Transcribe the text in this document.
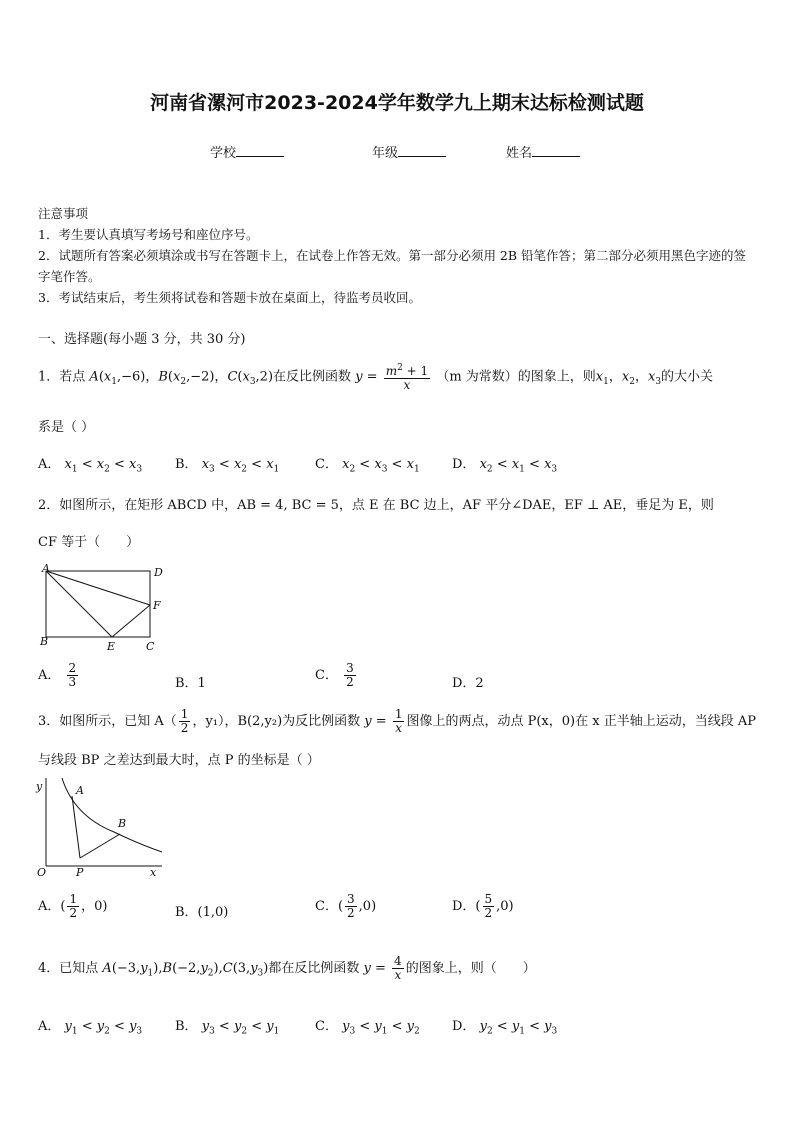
河南省漯河市2023-2024学年数学九上期末达标检测试题
学校	年级	姓名
注意事项
1．考生要认真填写考场号和座位序号。
2．试题所有答案必须填涂或书写在答题卡上，在试卷上作答无效。第一部分必须用 2B 铅笔作答；第二部分必须用黑色字迹的签字笔作答。
3．考试结束后，考生须将试卷和答题卡放在桌面上，待监考员收回。
一、选择题(每小题 3 分，共 30 分)
1．若点 $A(x_1,-6)$，$B(x_2,-2)$，$C(x_3,2)$在反比例函数 $y = \frac{m^2 + 1}{x} (m$ 为常数）的图象上，则$x_1$，$x_2$，$x_3$的大小关
系是（ ）
A． $x_1 < x_2 < x_3$	B． $x_3 < x_2 < x_1$	C． $x_2 < x_3 < x_1$ D． $x_2 < x_1 < x_3$
2．如图所示，在矩形 ABCD 中，AB = 4, BC = 5，点 E 在 BC 边上，AF 平分∠DAE，EF ⊥ AE，垂足为 E，则
CF 等于（　　）
A	D
F
B	E	C
A． $\frac{2}{3}$	B．1
C． $\frac{3}{2}$	D．2
3．如图所示，已知 $A( \frac{1}{2}$ ，y₁），B(2,y₂)为反比例函数 $y = \frac{1}{x}$ 图像上的两点，动点 P(x，0)在 x 正半轴上运动，当线段 AP
与线段 BP 之差达到最大时，点 P 的坐标是（ ）
y	A
B
O	P	x
A．( $\frac{1}{2}$ ，0)	B．(1,0)	C．( $\frac{3}{2} ,0$)	D．( $\frac{5}{2} ,0$)
4．已知点 $A(-3,y_1),B(-2,y_2),C(3,y_3)$都在反比例函数 $y = \frac{4}{x}$ 的图象上，则（　　）
A． $y_1 < y_2 < y_3$	B． $y_3 < y_2 < y_1$	C． $y_3 < y_1 < y_2$ D． $y_2 < y_1 < y_3$
